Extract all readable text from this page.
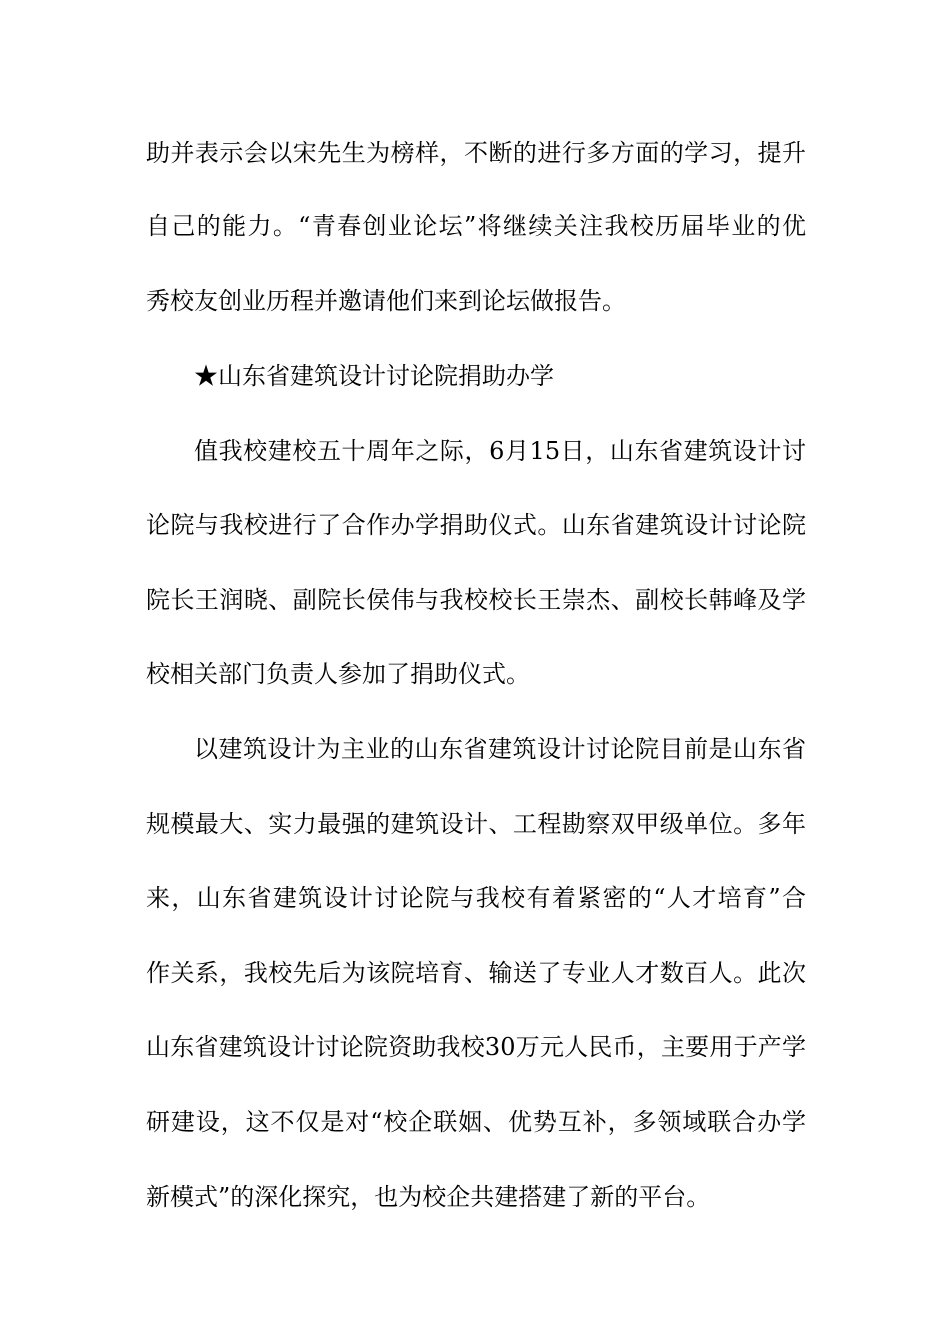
助并表示会以宋先生为榜样，不断的进行多方面的学习，提升
自己的能力。“青春创业论坛”将继续关注我校历届毕业的优
秀校友创业历程并邀请他们来到论坛做报告。
★山东省建筑设计讨论院捐助办学
值我校建校五十周年之际，6月15日，山东省建筑设计讨
论院与我校进行了合作办学捐助仪式。山东省建筑设计讨论院
院长王润晓、副院长侯伟与我校校长王崇杰、副校长韩峰及学
校相关部门负责人参加了捐助仪式。
以建筑设计为主业的山东省建筑设计讨论院目前是山东省
规模最大、实力最强的建筑设计、工程勘察双甲级单位。多年
来，山东省建筑设计讨论院与我校有着紧密的“人才培育”合
作关系，我校先后为该院培育、输送了专业人才数百人。此次
山东省建筑设计讨论院资助我校30万元人民币，主要用于产学
研建设，这不仅是对“校企联姻、优势互补，多领域联合办学
新模式”的深化探究，也为校企共建搭建了新的平台。
